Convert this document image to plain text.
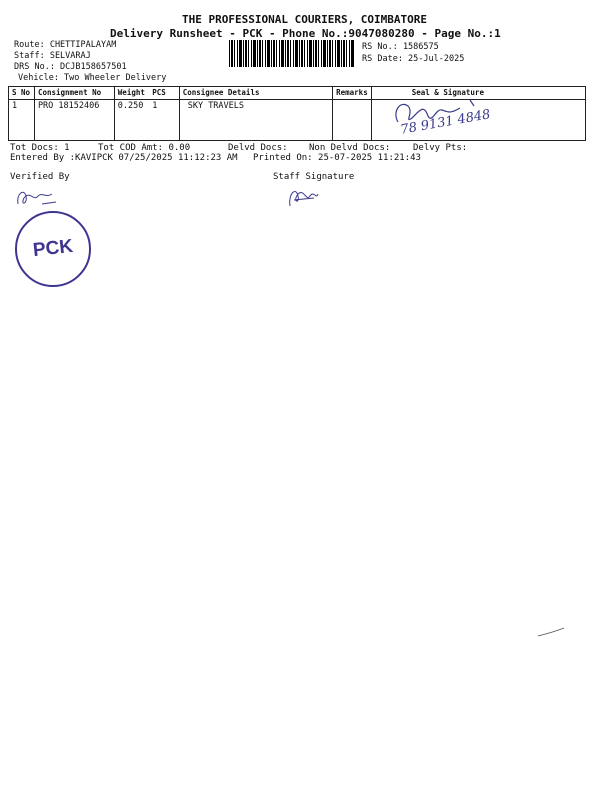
THE PROFESSIONAL COURIERS, COIMBATORE
Delivery Runsheet - PCK - Phone No.:9047080280 - Page No.:1
Route: CHETTIPALAYAM
Staff: SELVARAJ
DRS No.: DCJB158657501
Vehicle: Two Wheeler Delivery
RS No.: 1586575
RS Date: 25-Jul-2025
S No	Consignment No	Weight	PCS	Consignee Details	Remarks	Seal & Signature
1	PRO 18152406	0.250	1	SKY TRAVELS		
78 9131 4848
Tot Docs: 1	Tot COD Amt: 0.00	Delvd Docs: Non Delvd Docs:	Delvy Pts:
Entered By :KAVIPCK 07/25/2025 11:12:23 AM Printed On: 25-07-2025 11:21:43
Verified By	Staff Signature
PCK
